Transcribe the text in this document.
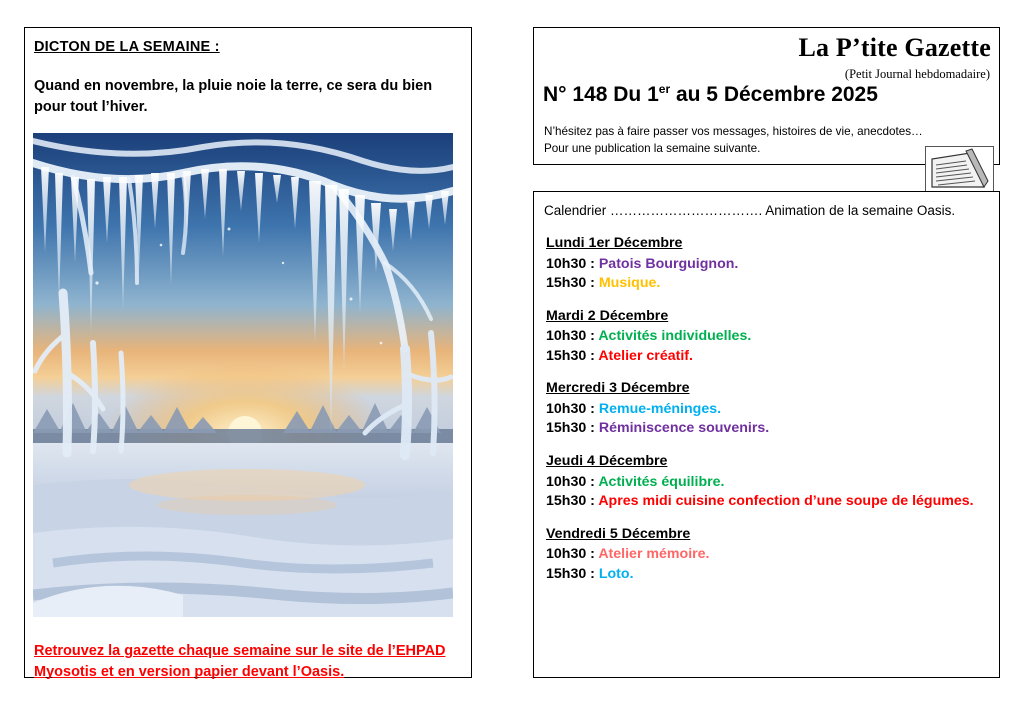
DICTON DE LA SEMAINE :
Quand en novembre, la pluie noie la terre, ce sera du bien pour tout l’hiver.
Retrouvez la gazette chaque semaine sur le site de l’EHPAD Myosotis et en version papier devant l’Oasis.
La P’tite Gazette
(Petit Journal hebdomadaire)
N° 148 Du 1er au 5 Décembre 2025
N’hésitez pas à faire passer vos messages, histoires de vie, anecdotes…
Pour une publication la semaine suivante.
Calendrier ……………………………. Animation de la semaine Oasis.
Lundi 1er Décembre
10h30 : Patois Bourguignon.
15h30 : Musique.
Mardi 2 Décembre
10h30 : Activités individuelles.
15h30 : Atelier créatif.
Mercredi 3 Décembre
10h30 : Remue-méninges.
15h30 : Réminiscence souvenirs.
Jeudi 4 Décembre
10h30 : Activités équilibre.
15h30 : Apres midi cuisine confection d’une soupe de légumes.
Vendredi 5 Décembre
10h30 : Atelier mémoire.
15h30 : Loto.
